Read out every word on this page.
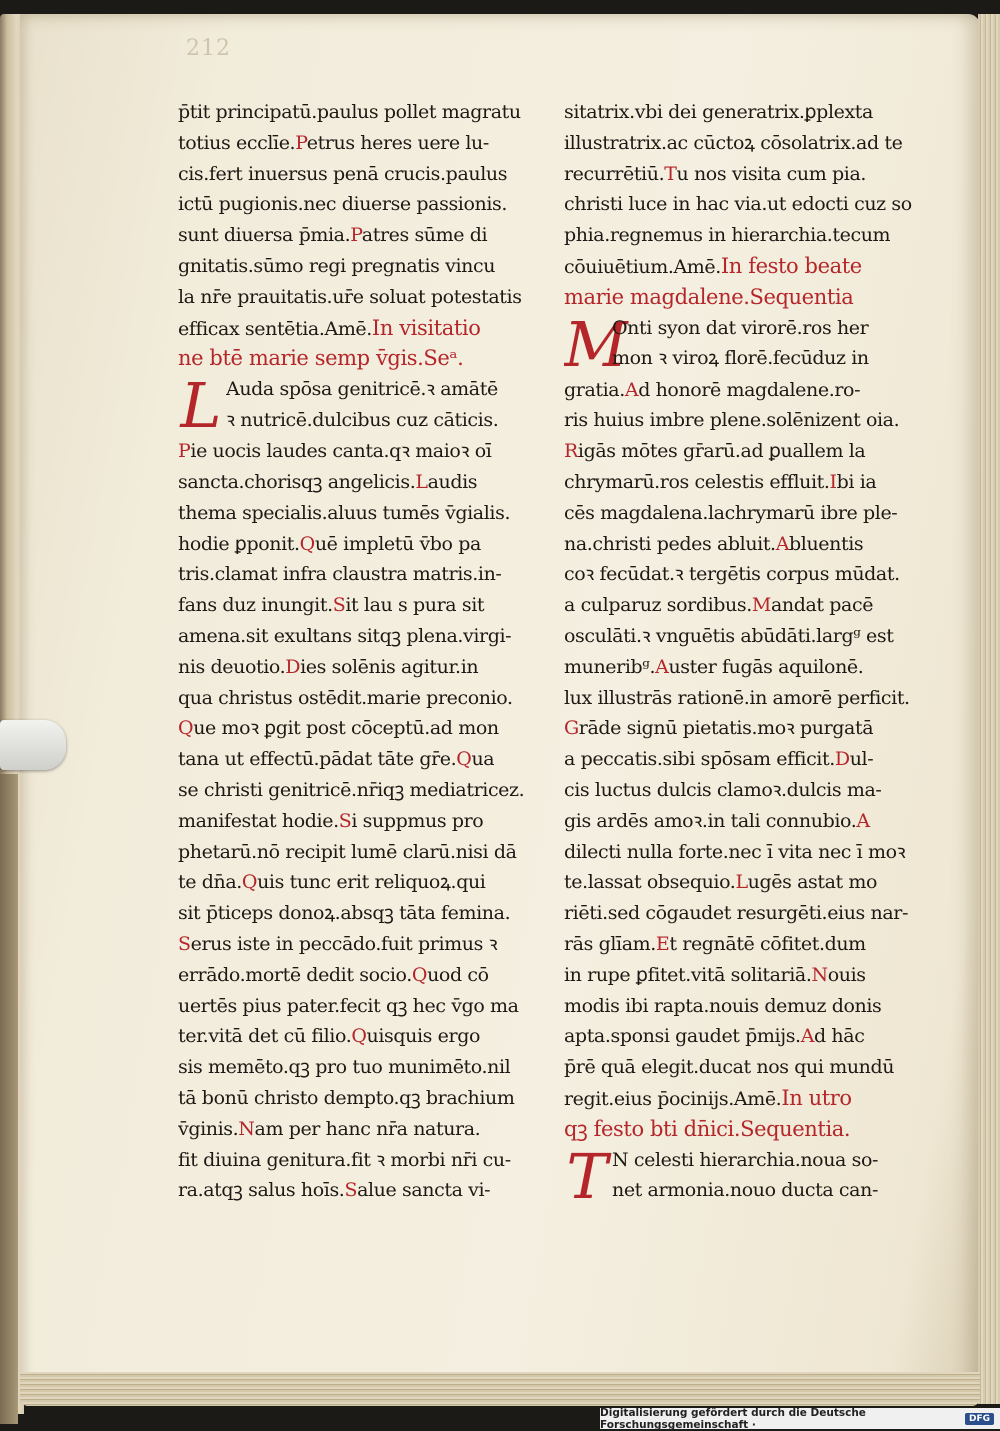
212
p̄tit principatū.paulus pollet magratu
totius ecclīe.Petrus heres uere lu-
cis.fert inuersus penā crucis.paulus
ictū pugionis.nec diuerse passionis.
sunt diuersa p̄mia.Patres sūme di
gnitatis.sūmo regi pregnatis vincu
la nr̄e prauitatis.ur̄e soluat potestatis
efficax sentētia.Amē.In visitatio
ne btē marie semp v̄gis.Seᵃ.
L Auda spōsa genitricē.ꝛ amātē
ꝛ nutricē.dulcibus cuz cāticis.
Pie uocis laudes canta.qꝛ maioꝛ oī
sancta.chorisqꝫ angelicis.Laudis
thema specialis.aluus tumēs v̄gialis.
hodie ꝑponit.Quē impletū v̄bo pa
tris.clamat infra claustra matris.in-
fans duz inungit.Sit lau s pura sit
amena.sit exultans sitqꝫ plena.virgi-
nis deuotio.Dies solēnis agitur.in
qua christus ostēdit.marie preconio.
Que moꝛ ꝑgit post cōceptū.ad mon
tana ut effectū.pādat tāte gr̄e.Qua
se christi genitricē.nr̄iqꝫ mediatricez.
manifestat hodie.Si suppmus pro
phetarū.nō recipit lumē clarū.nisi dā
te dn̄a.Quis tunc erit reliquoꝝ.qui
sit p̄ticeps donoꝝ.absqꝫ tāta femina.
Serus iste in peccādo.fuit primus ꝛ
errādo.mortē dedit socio.Quod cō
uertēs pius pater.fecit qꝫ hec v̄go ma
ter.vitā det cū filio.Quisquis ergo
sis memēto.qꝫ pro tuo munimēto.nil
tā bonū christo dempto.qꝫ brachium
v̄ginis.Nam per hanc nr̄a natura.
fit diuina genitura.fit ꝛ morbi nr̄i cu-
ra.atqꝫ salus hoīs.Salue sancta vi-
sitatrix.vbi dei generatrix.ꝑplexta
illustratrix.ac cūctoꝝ cōsolatrix.ad te
recurrētiū.Tu nos visita cum pia.
christi luce in hac via.ut edocti cuz so
phia.regnemus in hierarchia.tecum
cōuiuētium.Amē.In festo beate
marie magdalene.Sequentia
M
Onti syon dat virorē.ros her
mon ꝛ viroꝝ florē.fecūduz in
gratia.Ad honorē magdalene.ro-
ris huius imbre plene.solēnizent oia.
Rigās mōtes gr̄arū.ad ꝑuallem la
chrymarū.ros celestis effluit.Ibi ia
cēs magdalena.lachrymarū ibre ple-
na.christi pedes abluit.Abluentis
coꝛ fecūdat.ꝛ tergētis corpus mūdat.
a culparuz sordibus.Mandat pacē
osculāti.ꝛ vnguētis abūdāti.largᵍ est
muneribᵍ.Auster fugās aquilonē.
lux illustrās rationē.in amorē perficit.
Grāde signū pietatis.moꝛ purgatā
a peccatis.sibi spōsam efficit.Dul-
cis luctus dulcis clamoꝛ.dulcis ma-
gis ardēs amoꝛ.in tali connubio.A
dilecti nulla forte.nec ī vita nec ī moꝛ
te.lassat obsequio.Lugēs astat mo
riēti.sed cōgaudet resurgēti.eius nar-
rās glīam.Et regnātē cōfitet.dum
in rupe ꝑfitet.vitā solitariā.Nouis
modis ibi rapta.nouis demuz donis
apta.sponsi gaudet p̄mijs.Ad hāc
p̄rē quā elegit.ducat nos qui mundū
regit.eius p̄ocinijs.Amē.In utro
qꝫ festo bti dn̄ici.Sequentia.
T N celesti hierarchia.noua so-
net armonia.nouo ducta can-
Digitalisierung gefördert durch die Deutsche Forschungsgemeinschaft ·	DFG
